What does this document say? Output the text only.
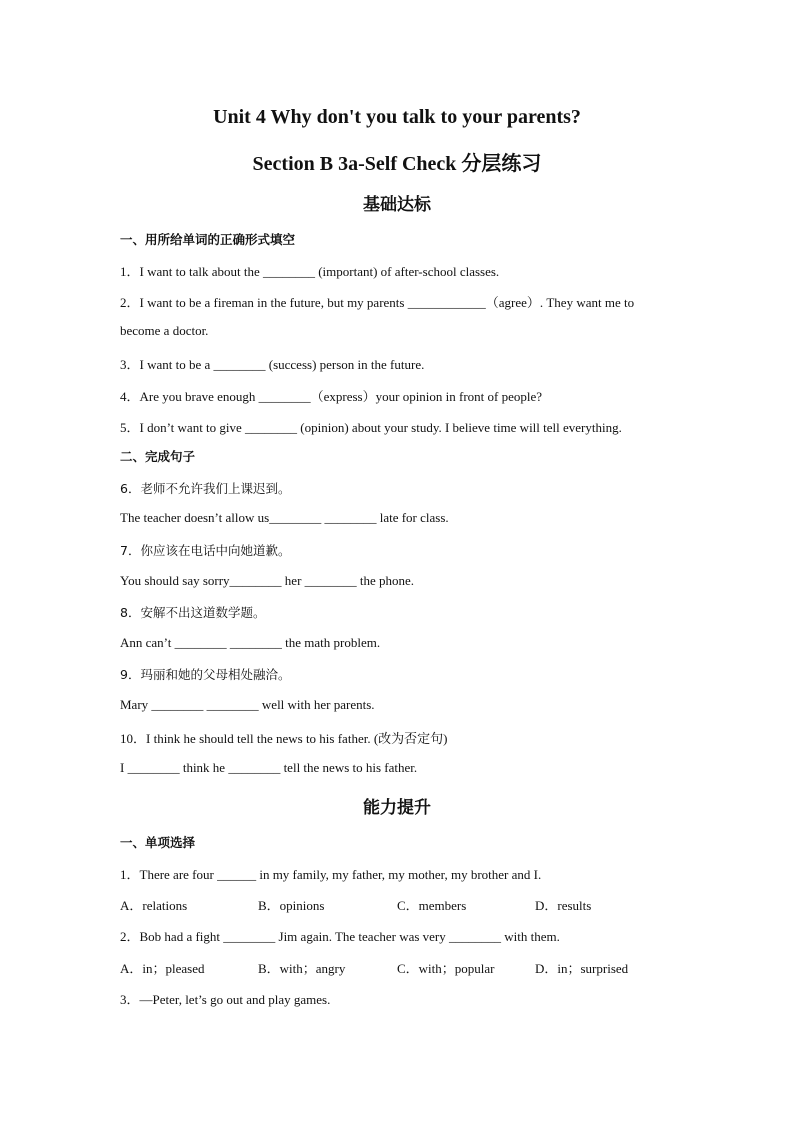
Unit 4 Why don't you talk to your parents?
Section B 3a-Self Check 分层练习
基础达标
一、用所给单词的正确形式填空
1．I want to talk about the ________ (important) of after-school classes.
2．I want to be a fireman in the future, but my parents ____________（agree）. They want me to
become a doctor.
3．I want to be a ________ (success) person in the future.
4．Are you brave enough ________（express）your opinion in front of people?
5．I don’t want to give ________ (opinion) about your study. I believe time will tell everything.
二、完成句子
6．老师不允许我们上课迟到。
The teacher doesn’t allow us________ ________ late for class.
7．你应该在电话中向她道歉。
You should say sorry________ her ________ the phone.
8．安解不出这道数学题。
Ann can’t ________ ________ the math problem.
9．玛丽和她的父母相处融洽。
Mary ________ ________ well with her parents.
10．I think he should tell the news to his father. (改为否定句)
I ________ think he ________ tell the news to his father.
能力提升
一、单项选择
1．There are four ______ in my family, my father, my mother, my brother and I.
A．relations	B．opinions	C．members	D．results
2．Bob had a fight ________ Jim again. The teacher was very ________ with them.
A．in；pleased	B．with；angry	C．with；popular	D．in；surprised
3．—Peter, let’s go out and play games.
